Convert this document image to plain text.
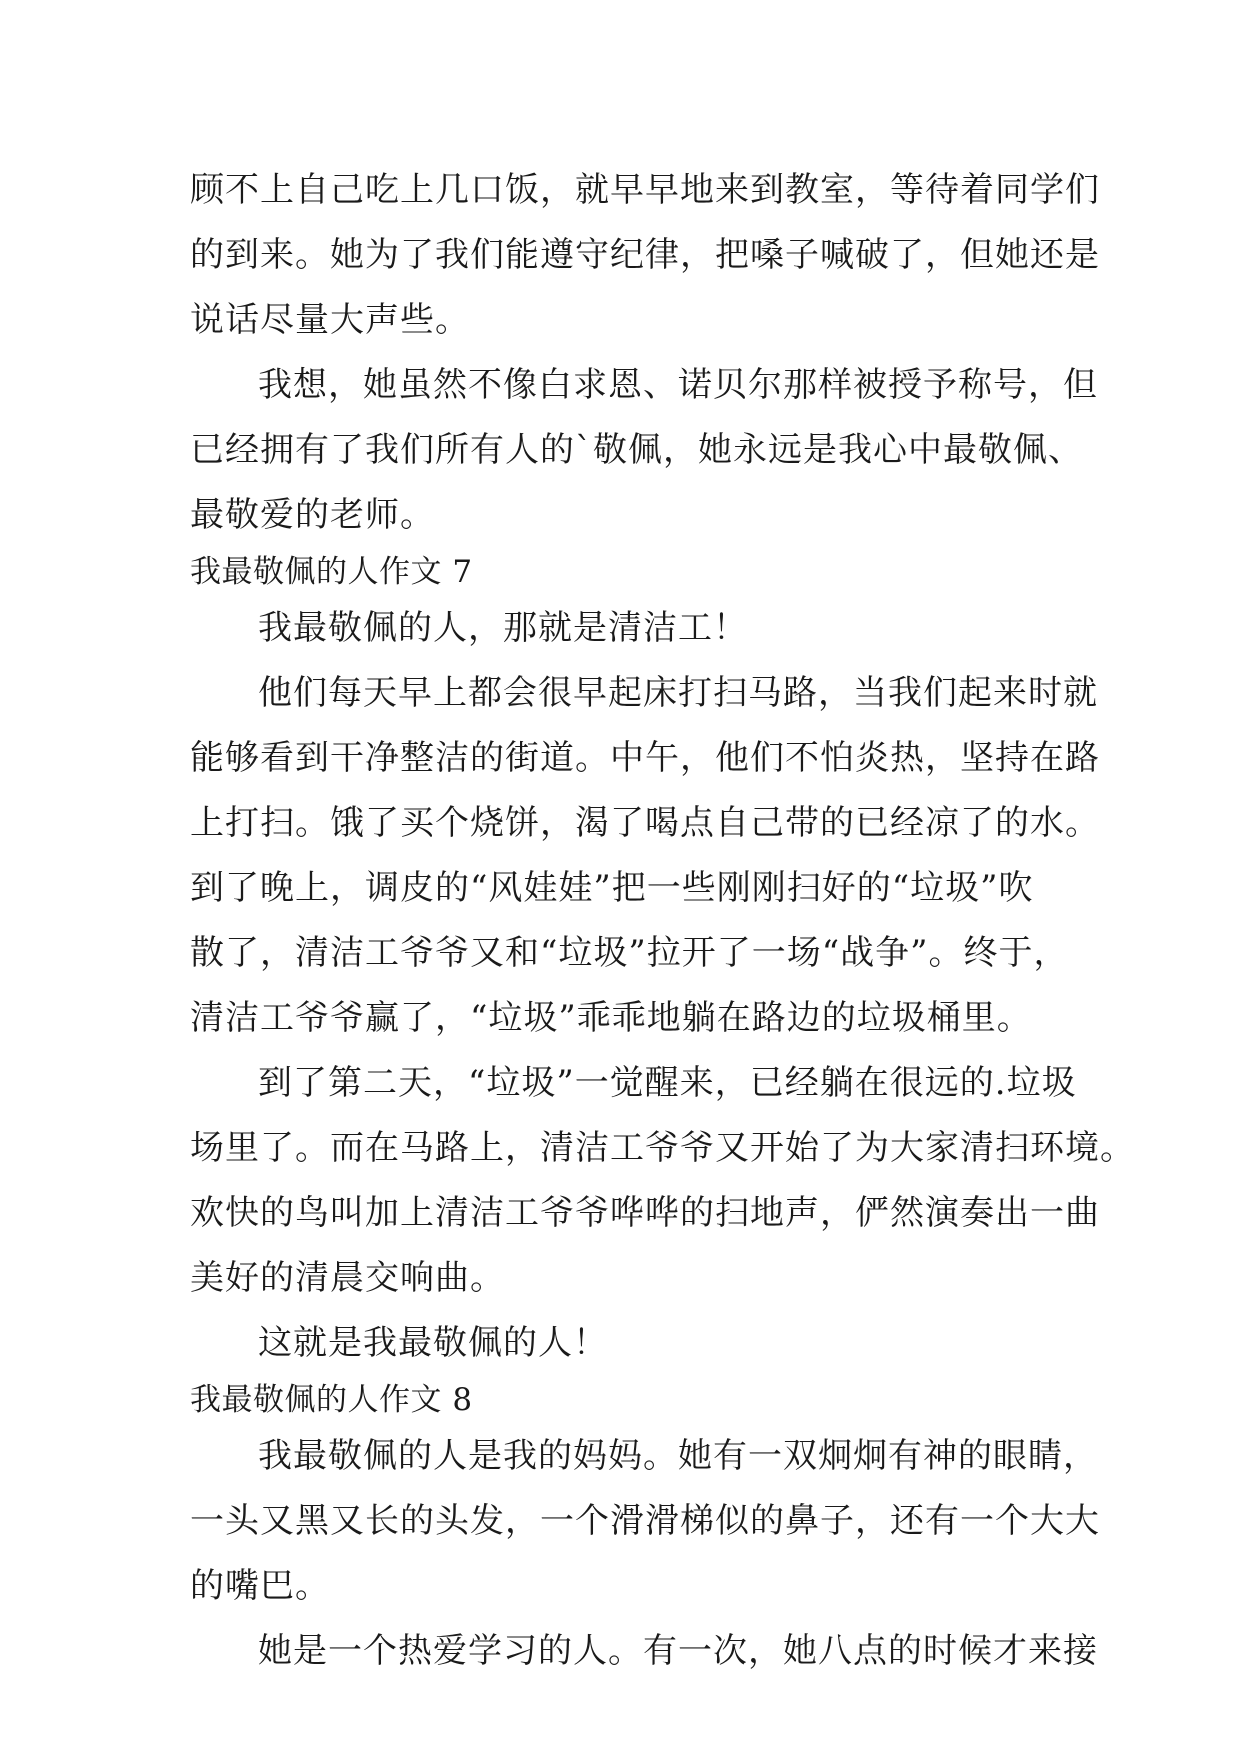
顾不上自己吃上几口饭，就早早地来到教室，等待着同学们
的到来。她为了我们能遵守纪律，把嗓子喊破了，但她还是
说话尽量大声些。
我想，她虽然不像白求恩、诺贝尔那样被授予称号，但
已经拥有了我们所有人的`敬佩，她永远是我心中最敬佩、
最敬爱的老师。
我最敬佩的人作文 7
我最敬佩的人，那就是清洁工！
他们每天早上都会很早起床打扫马路，当我们起来时就
能够看到干净整洁的街道。中午，他们不怕炎热，坚持在路
上打扫。饿了买个烧饼，渴了喝点自己带的已经凉了的水。
到了晚上，调皮的“风娃娃”把一些刚刚扫好的“垃圾”吹
散了，清洁工爷爷又和“垃圾”拉开了一场“战争”。终于，
清洁工爷爷赢了，“垃圾”乖乖地躺在路边的垃圾桶里。
到了第二天，“垃圾”一觉醒来，已经躺在很远的.垃圾
场里了。而在马路上，清洁工爷爷又开始了为大家清扫环境。
欢快的鸟叫加上清洁工爷爷哗哗的扫地声，俨然演奏出一曲
美好的清晨交响曲。
这就是我最敬佩的人！
我最敬佩的人作文 8
我最敬佩的人是我的妈妈。她有一双炯炯有神的眼睛，
一头又黑又长的头发，一个滑滑梯似的鼻子，还有一个大大
的嘴巴。
她是一个热爱学习的人。有一次，她八点的时候才来接
